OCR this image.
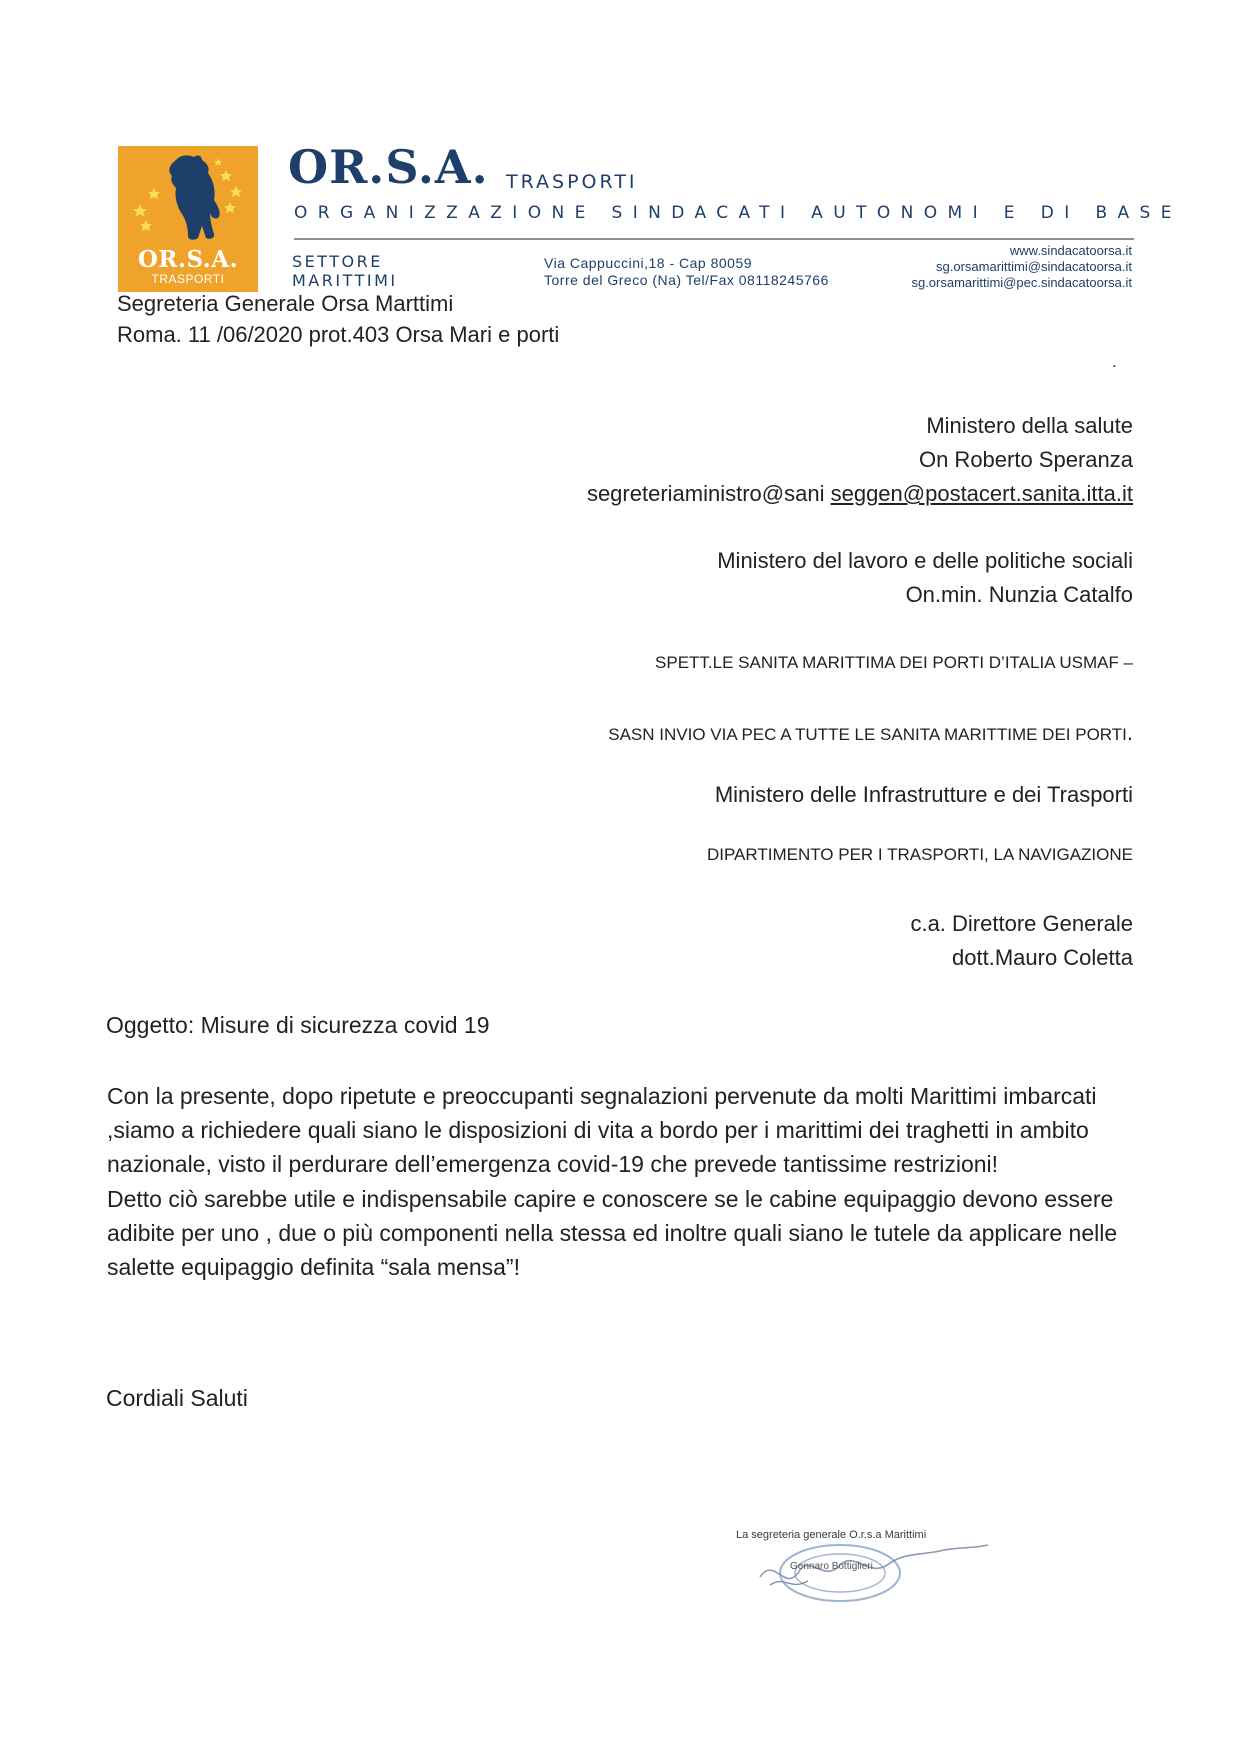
OR.S.A.
TRASPORTI
OR.S.A. TRASPORTI
ORGANIZZAZIONE SINDACATI AUTONOMI E DI BASE
SETTORE
MARITTIMI
Via Cappuccini,18 - Cap 80059
Torre del Greco (Na) Tel/Fax 08118245766
www.sindacatoorsa.it
sg.orsamarittimi@sindacatoorsa.it
sg.orsamarittimi@pec.sindacatoorsa.it
Segreteria Generale Orsa Marttimi
Roma. 11 /06/2020 prot.403 Orsa Mari e porti
.
Ministero della salute
On Roberto Speranza
segreteriaministro@sani seggen@postacert.sanita.itta.it
Ministero del lavoro e delle politiche sociali
On.min. Nunzia Catalfo
SPETT.LE SANITA MARITTIMA DEI PORTI D’ITALIA USMAF –
SASN INVIO VIA PEC A TUTTE LE SANITA MARITTIME DEI PORTI.
Ministero delle Infrastrutture e dei Trasporti
DIPARTIMENTO PER I TRASPORTI, LA NAVIGAZIONE
c.a. Direttore Generale
dott.Mauro Coletta
Oggetto: Misure di sicurezza covid 19

Con la presente, dopo ripetute e preoccupanti segnalazioni pervenute da molti Marittimi imbarcati ,siamo a richiedere quali siano le disposizioni di vita a bordo per i marittimi dei traghetti in ambito nazionale, visto il perdurare dell’emergenza covid-19 che prevede tantissime restrizioni!

Detto ciò sarebbe utile e indispensabile capire e conoscere se le cabine equipaggio devono essere adibite per uno , due o più componenti nella stessa ed inoltre quali siano le tutele da applicare nelle salette equipaggio definita “sala mensa”!

Cordiali Saluti
La segreteria generale O.r.s.a Marittimi
Gennaro Bottiglieri
